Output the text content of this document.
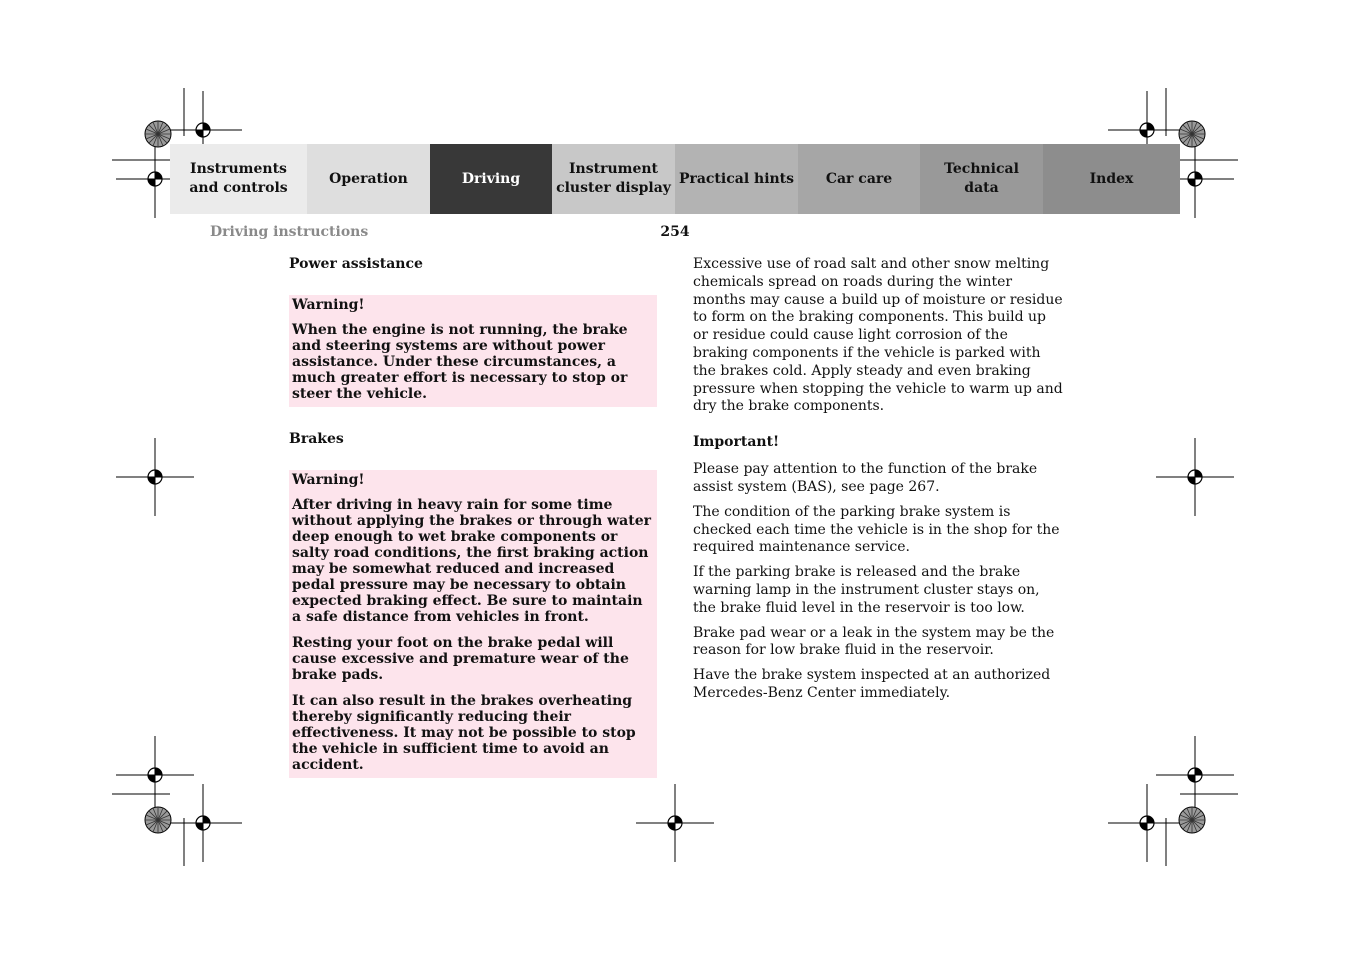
Instruments
and controls
Operation	Driving
Instrument
cluster display
Practical hints	Car care
Technical
data
Index
Driving instructions	254
Power assistance
Warning!

When the engine is not running, the brake and steering systems are without power assistance. Under these circumstances, a much greater effort is necessary to stop or steer the vehicle.

Brakes
Warning!

After driving in heavy rain for some time without applying the brakes or through water deep enough to wet brake components or salty road conditions, the first braking action may be somewhat reduced and increased pedal pressure may be necessary to obtain expected braking effect. Be sure to maintain a safe distance from vehicles in front.

Resting your foot on the brake pedal will cause excessive and premature wear of the brake pads.

It can also result in the brakes overheating thereby significantly reducing their effectiveness. It may not be possible to stop the vehicle in sufficient time to avoid an accident.

Excessive use of road salt and other snow melting chemicals spread on roads during the winter months may cause a build up of moisture or residue to form on the braking components. This build up or residue could cause light corrosion of the braking components if the vehicle is parked with the brakes cold. Apply steady and even braking pressure when stopping the vehicle to warm up and dry the brake components.

Important!

Please pay attention to the function of the brake assist system (BAS), see page 267.

The condition of the parking brake system is checked each time the vehicle is in the shop for the required maintenance service.

If the parking brake is released and the brake warning lamp in the instrument cluster stays on, the brake fluid level in the reservoir is too low.

Brake pad wear or a leak in the system may be the reason for low brake fluid in the reservoir.

Have the brake system inspected at an authorized Mercedes-Benz Center immediately.
